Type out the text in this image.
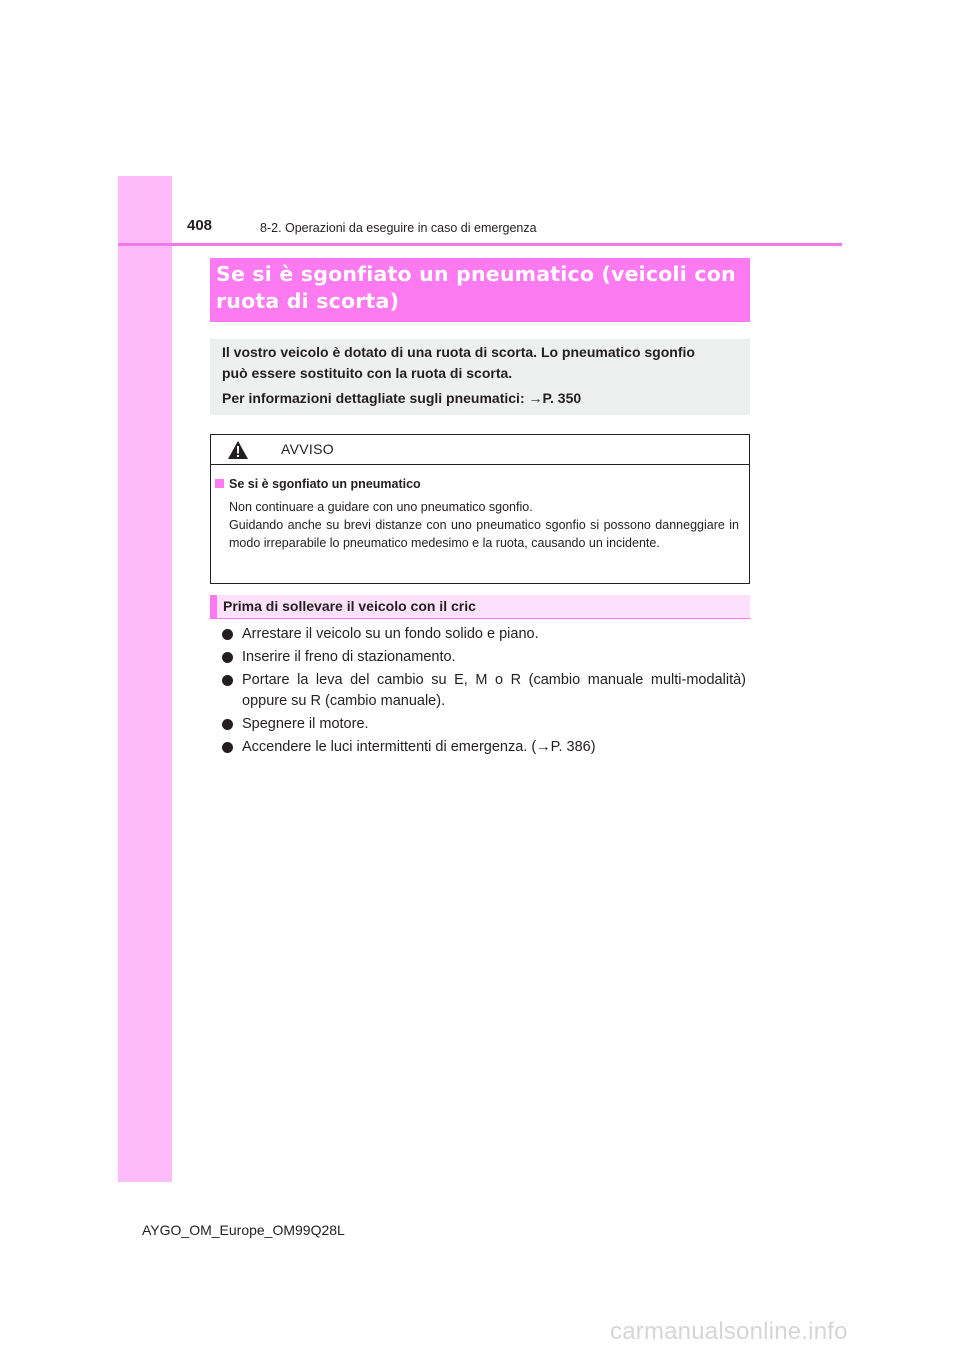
408	8-2. Operazioni da eseguire in caso di emergenza
Se si è sgonfiato un pneumatico (veicoli con
ruota di scorta)
Il vostro veicolo è dotato di una ruota di scorta. Lo pneumatico sgonfio
può essere sostituito con la ruota di scorta.
Per informazioni dettagliate sugli pneumatici: →P. 350
AVVISO
Se si è sgonfiato un pneumatico

Non continuare a guidare con uno pneumatico sgonfio.

Guidando anche su brevi distanze con uno pneumatico sgonfio si possono danneggiare in modo irreparabile lo pneumatico medesimo e la ruota, causando un incidente.

Prima di sollevare il veicolo con il cric
Arrestare il veicolo su un fondo solido e piano.
Inserire il freno di stazionamento.
Portare la leva del cambio su E, M o R (cambio manuale multi-modalità) oppure su R (cambio manuale).
Spegnere il motore.
Accendere le luci intermittenti di emergenza. (→P. 386)
AYGO_OM_Europe_OM99Q28L
carmanualsonline.info
